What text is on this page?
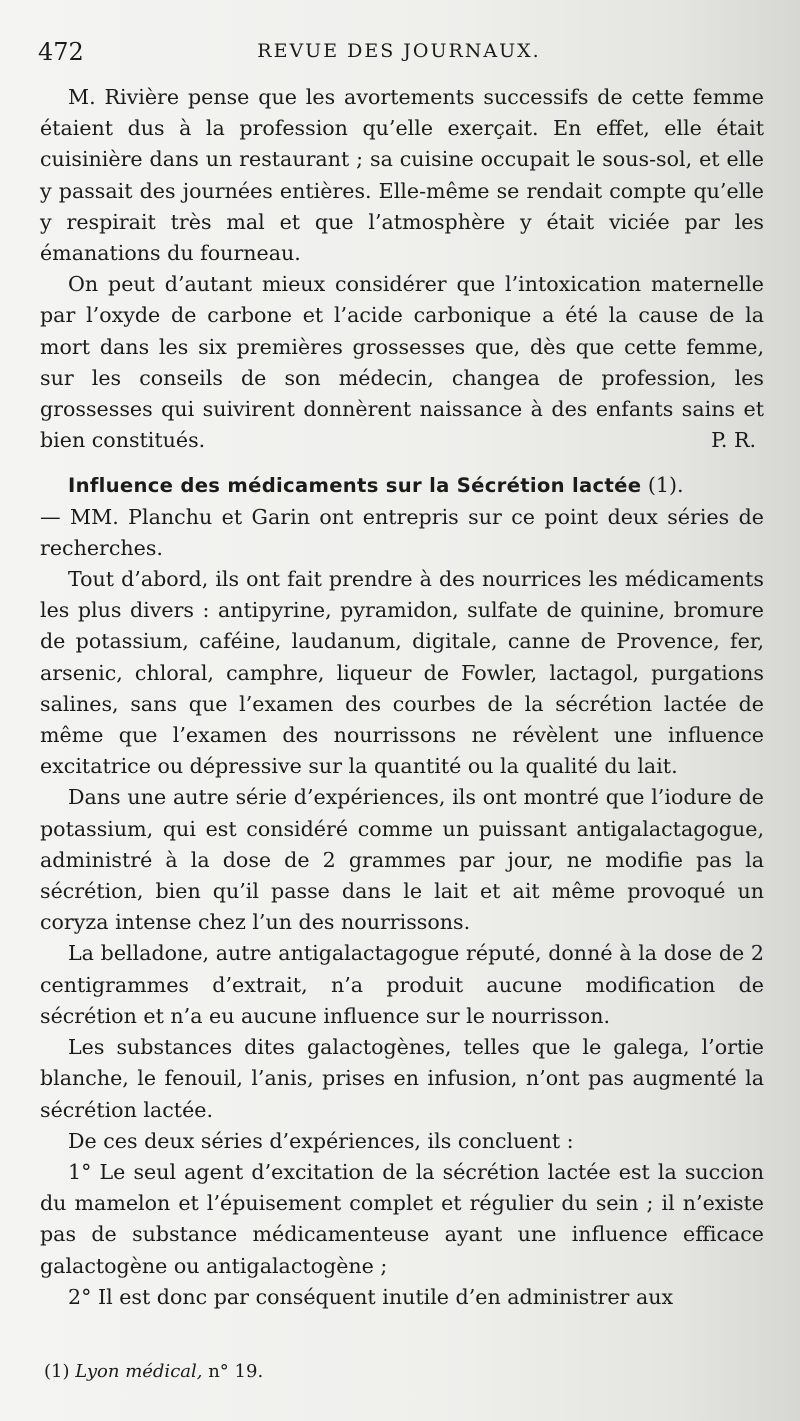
472	REVUE DES JOURNAUX.

M. Rivière pense que les avortements successifs de cette femme étaient dus à la profession qu’elle exerçait. En effet, elle était cuisinière dans un restaurant ; sa cuisine occupait le sous-sol, et elle y passait des journées entières. Elle-même se rendait compte qu’elle y respirait très mal et que l’atmosphère y était viciée par les émanations du fourneau.

On peut d’autant mieux considérer que l’intoxication maternelle par l’oxyde de carbone et l’acide carbonique a été la cause de la mort dans les six premières grossesses que, dès que cette femme, sur les conseils de son médecin, changea de profession, les grossesses qui suivirent donnèrent naissance à des enfants sains et bien constitués.	P. R.

Influence des médicaments sur la Sécrétion lactée (1).

— MM. Planchu et Garin ont entrepris sur ce point deux séries de recherches.

Tout d’abord, ils ont fait prendre à des nourrices les médicaments les plus divers : antipyrine, pyramidon, sulfate de quinine, bromure de potassium, caféine, laudanum, digitale, canne de Provence, fer, arsenic, chloral, camphre, liqueur de Fowler, lactagol, purgations salines, sans que l’examen des courbes de la sécrétion lactée de même que l’examen des nourrissons ne révèlent une influence excitatrice ou dépressive sur la quantité ou la qualité du lait.

Dans une autre série d’expériences, ils ont montré que l’iodure de potassium, qui est considéré comme un puissant antigalactagogue, administré à la dose de 2 grammes par jour, ne modifie pas la sécrétion, bien qu’il passe dans le lait et ait même provoqué un coryza intense chez l’un des nourrissons.

La belladone, autre antigalactagogue réputé, donné à la dose de 2 centigrammes d’extrait, n’a produit aucune modification de sécrétion et n’a eu aucune influence sur le nourrisson.

Les substances dites galactogènes, telles que le galega, l’ortie blanche, le fenouil, l’anis, prises en infusion, n’ont pas augmenté la sécrétion lactée.

De ces deux séries d’expériences, ils concluent :

1° Le seul agent d’excitation de la sécrétion lactée est la succion du mamelon et l’épuisement complet et régulier du sein ; il n’existe pas de substance médicamenteuse ayant une influence efficace galactogène ou antigalactogène ;

2° Il est donc par conséquent inutile d’en administrer aux

(1) Lyon médical, n° 19.
